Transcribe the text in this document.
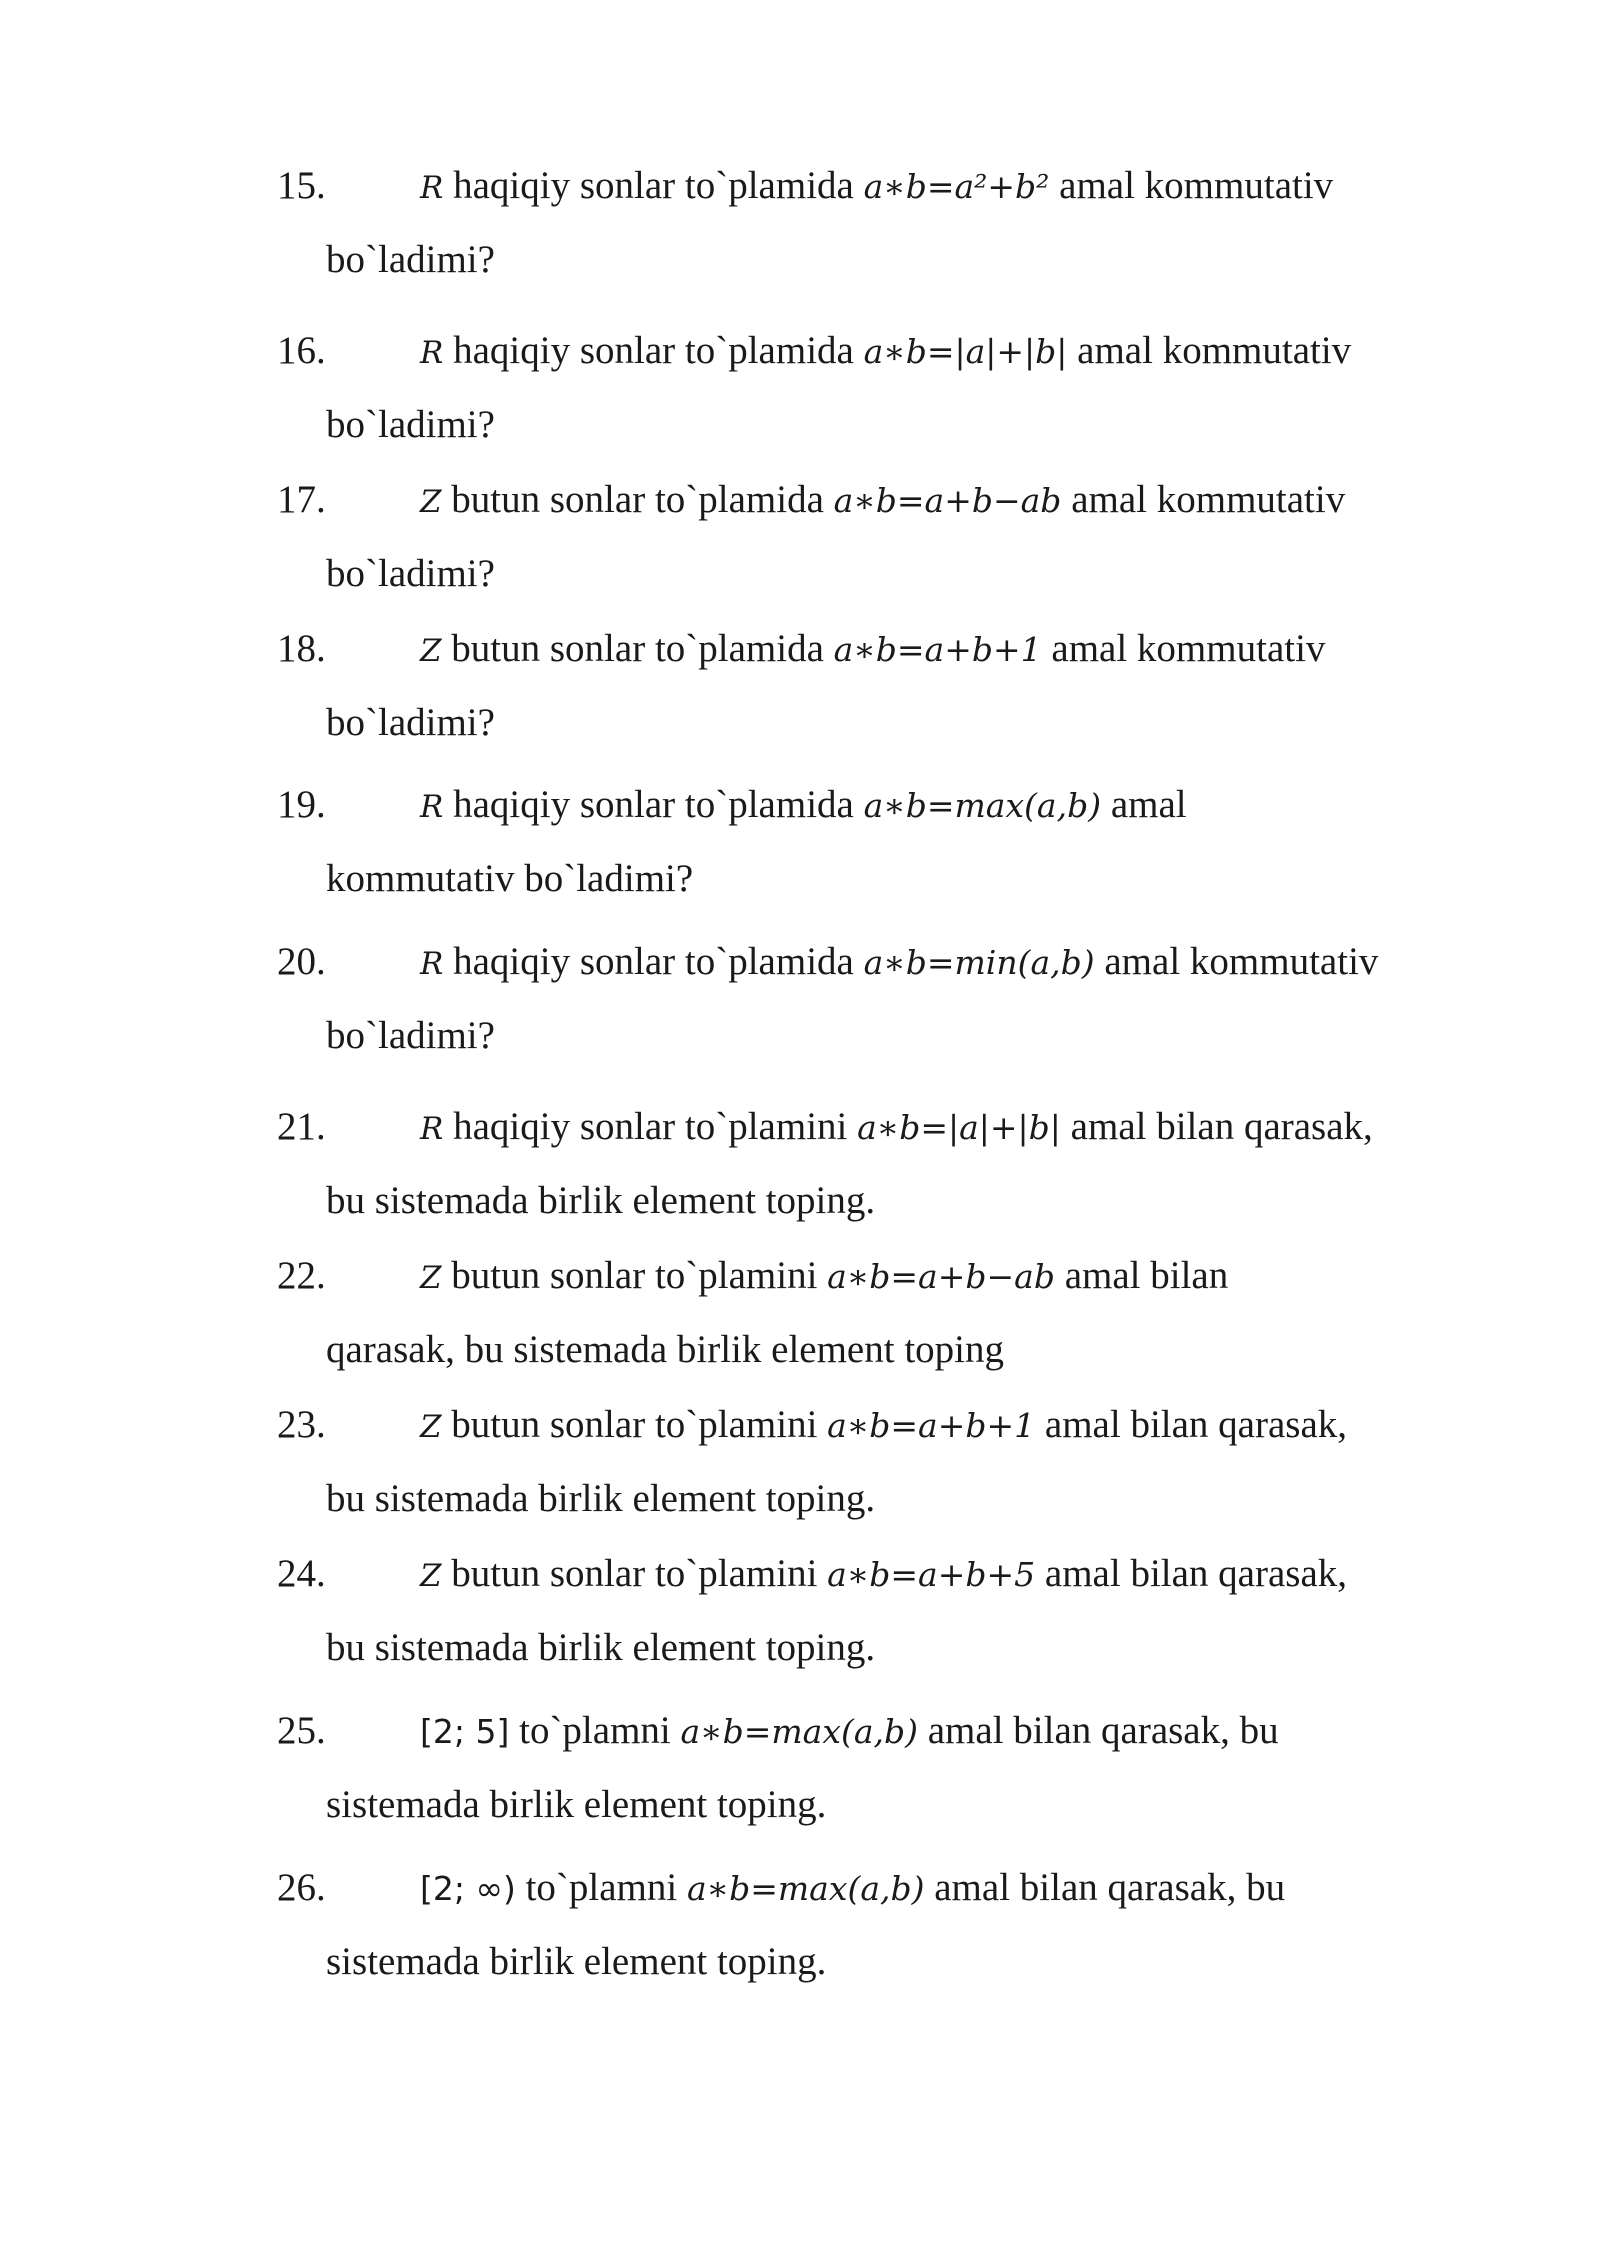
15.	R haqiqiy sonlar to`plamida a∗b=a²+b² amal kommutativ
bo`ladimi?
16.	R haqiqiy sonlar to`plamida a∗b=|a|+|b| amal kommutativ
bo`ladimi?
17.	Z butun sonlar to`plamida a∗b=a+b−ab amal kommutativ
bo`ladimi?
18.	Z butun sonlar to`plamida a∗b=a+b+1 amal kommutativ
bo`ladimi?
19.	R haqiqiy sonlar to`plamida a∗b=max(a,b) amal
kommutativ bo`ladimi?
20.	R haqiqiy sonlar to`plamida a∗b=min(a,b) amal kommutativ
bo`ladimi?
21.	R haqiqiy sonlar to`plamini a∗b=|a|+|b| amal bilan qarasak,
bu sistemada birlik element toping.
22.	Z butun sonlar to`plamini a∗b=a+b−ab amal bilan
qarasak, bu sistemada birlik element toping
23.	Z butun sonlar to`plamini a∗b=a+b+1 amal bilan qarasak,
bu sistemada birlik element toping.
24.	Z butun sonlar to`plamini a∗b=a+b+5 amal bilan qarasak,
bu sistemada birlik element toping.
25.	[2; 5] to`plamni a∗b=max(a,b) amal bilan qarasak, bu
sistemada birlik element toping.
26.	[2; ∞) to`plamni a∗b=max(a,b) amal bilan qarasak, bu
sistemada birlik element toping.
